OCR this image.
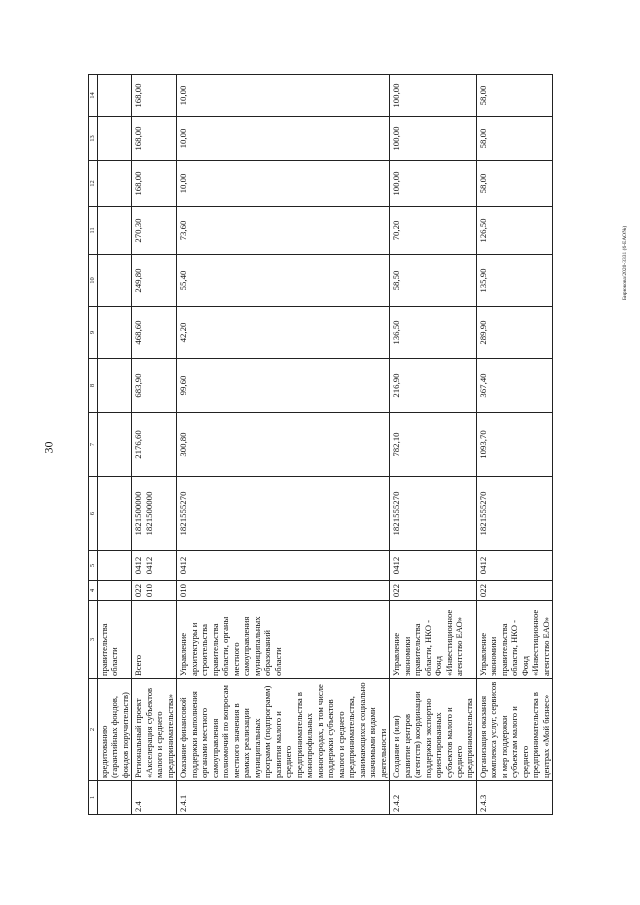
30
1	2	3	4	5	6	7	8	9	10	11	12	13	14
	кредитованию (гарантийных фондов, фондов поручительств)	правительства области											
2.4	Региональный проект «Акселерация субъектов малого и среднего предпринимательства»	Всего	022 010	0412 0412	1821500000 1821500000	2176,60	683,90	468,60	249,80	270,30	168,00	168,00	168,00
2.4.1	Оказание финансовой поддержки выполнения органами местного самоуправления полномочий по вопросам местного значения в рамках реализации муниципальных программ (подпрограмм) развития малого и среднего предпринимательства в монопрофильных моногородах, в том числе поддержки субъектов малого и среднего предпринимательства, занимающихся социально значимыми видами деятельности	Управление архитектуры и строительства правительства области, органы местного самоуправления муниципальных образований области	010	0412	1821555270	300,80	99,60	42,20	55,40	73,60	10,00	10,00	10,00
2.4.2	Создание и (или) развитие центров (агентств) координации поддержки экспортно ориентированных субъектов малого и среднего предпринимательства	Управление экономики правительства области, НКО - Фонд «Инвестиционное агентство ЕАО»	022	0412	1821555270	782,10	216,90	136,50	58,50	70,20	100,00	100,00	100,00
2.4.3	Организация оказания комплекса услуг, сервисов и мер поддержки субъектам малого и среднего предпринимательства в центрах «Мой бизнес»	Управление экономики правительства области, НКО - Фонд «Инвестиционное агентство ЕАО»	022	0412	1821555270	1093,70	367,40	289,90	135,90	126,50	58,00	58,00	58,00
Бирюкова/2020-3331 (6-ЕАО№)
